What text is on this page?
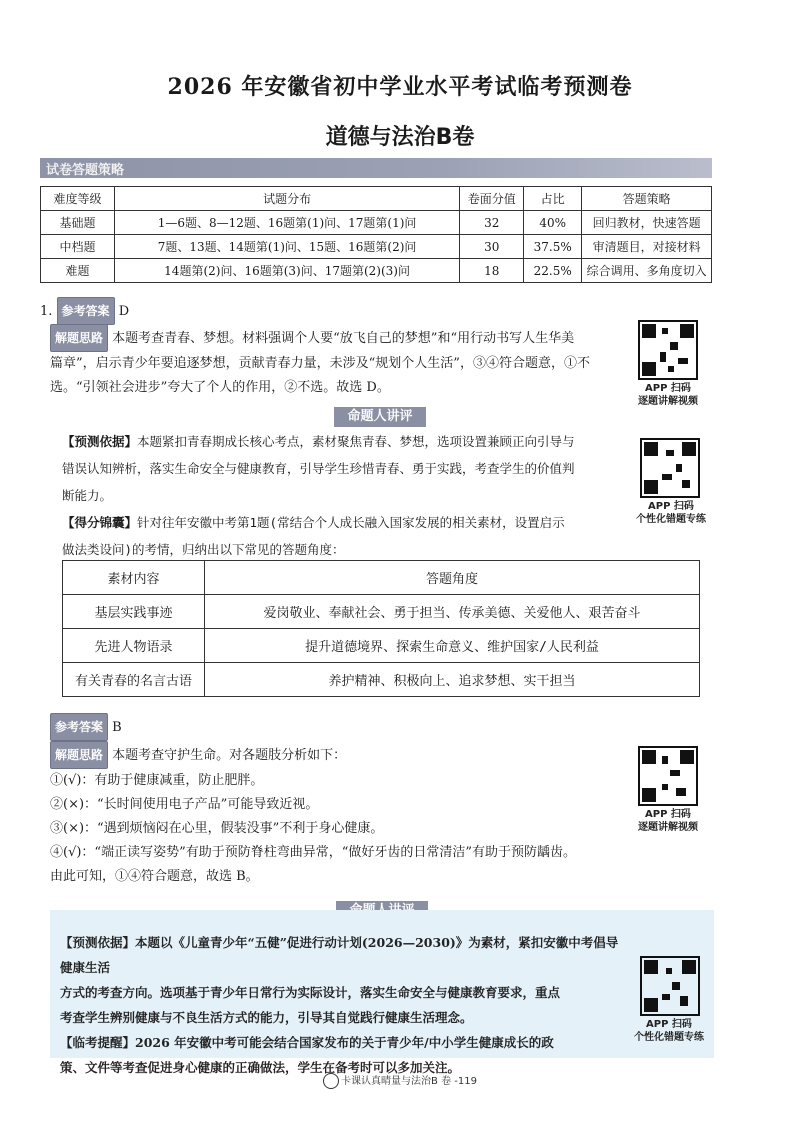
2026 年安徽省初中学业水平考试临考预测卷
道德与法治B卷
试卷答题策略
难度等级	试题分布	卷面分值	占比	答题策略
基础题	1—6题、8—12题、16题第(1)问、17题第(1)问	32	40%	回归教材，快速答题
中档题	7题、13题、14题第(1)问、15题、16题第(2)问	30	37.5%	审清题目，对接材料
难题	14题第(2)问、16题第(3)问、17题第(2)(3)问	18	22.5%	综合调用、多角度切入
1. 参考答案 D
解题思路 本题考查青春、梦想。材料强调个人要“放飞自己的梦想”和“用行动书写人生华美
篇章”，启示青少年要追逐梦想，贡献青春力量，未涉及“规划个人生活”，③④符合题意，①不
选。“引领社会进步”夸大了个人的作用，②不选。故选 D。	APP 扫码
逐题讲解视频
命题人讲评
【预测依据】本题紧扣青春期成长核心考点，素材聚焦青春、梦想，选项设置兼顾正向引导与
错误认知辨析，落实生命安全与健康教育，引导学生珍惜青春、勇于实践，考查学生的价值判
断能力。
【得分锦囊】针对往年安徽中考第1题(常结合个人成长融入国家发展的相关素材，设置启示
做法类设问)的考情，归纳出以下常见的答题角度：
APP 扫码
个性化错题专练
素材内容	答题角度
基层实践事迹	爱岗敬业、奉献社会、勇于担当、传承美德、关爱他人、艰苦奋斗
先进人物语录	提升道德境界、探索生命意义、维护国家/人民利益
有关青春的名言古语	养护精神、积极向上、追求梦想、实干担当
参考答案 B
解题思路 本题考查守护生命。对各题肢分析如下：
①(√)：有助于健康减重，防止肥胖。
②(×)：“长时间使用电子产品”可能导致近视。
③(×)：“遇到烦恼闷在心里，假装没事”不利于身心健康。
④(√)：“端正读写姿势”有助于预防脊柱弯曲异常，“做好牙齿的日常清洁”有助于预防龋齿。
由此可知，①④符合题意，故选 B。
APP 扫码
逐题讲解视频
【预测依据】本题以《儿童青少年“五健”促进行动计划(2026—2030)》为素材，紧扣安徽中考倡导健康生活
方式的考查方向。选项基于青少年日常行为实际设计，落实生命安全与健康教育要求，重点
考查学生辨别健康与不良生活方式的能力，引导其自觉践行健康生活理念。
【临考提醒】2026 年安徽中考可能会结合国家发布的关于青少年/中小学生健康成长的政
策、文件等考查促进身心健康的正确做法，学生在备考时可以多加关注。
APP 扫码
个性化错题专练
卡课认真晴量与法治B 卷 -119
